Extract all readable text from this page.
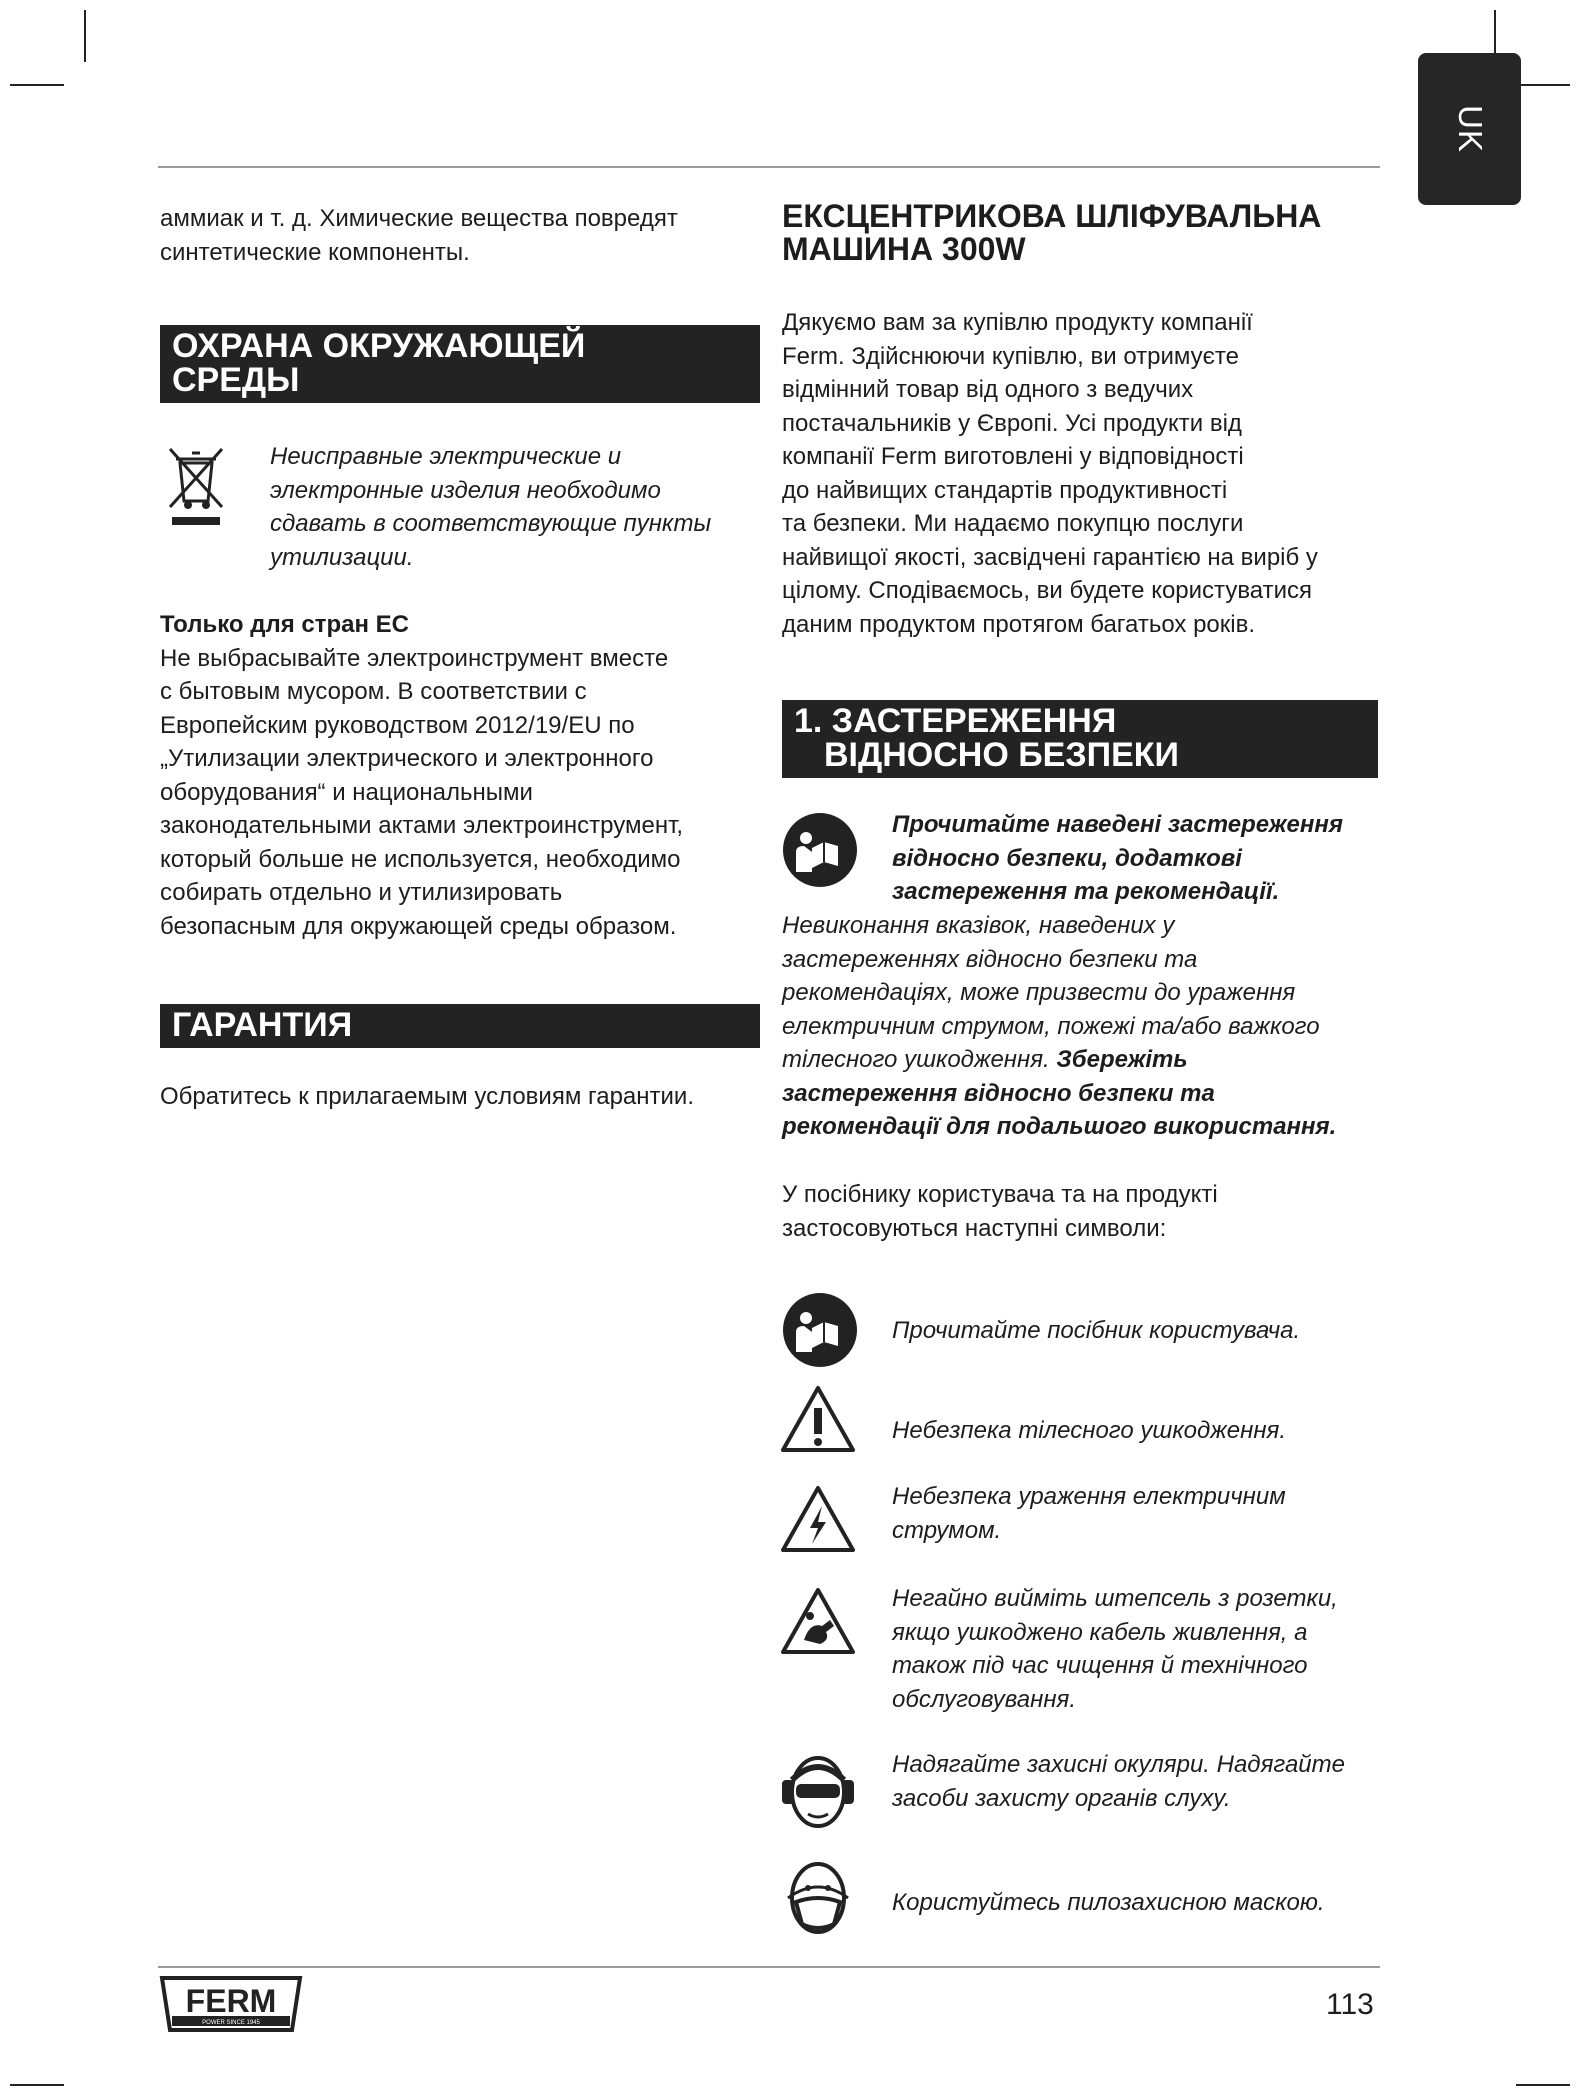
UK

аммиак и т. д. Химические вещества повредят

синтетические компоненты.

ОХРАНА ОКРУЖАЮЩЕЙ
СРЕДЫ

Неисправные электрические и

электронные изделия необходимо

сдавать в соответствующие пункты

утилизации.

Только для стран ЕС

Не выбрасывайте электроинструмент вместе

с бытовым мусором. В соответствии с

Европейским руководством 2012/19/EU по

„Утилизации электрического и электронного

оборудования“ и национальными

законодательными актами электроинструмент,

который больше не используется, необходимо

собирать отдельно и утилизировать

безопасным для окружающей среды образом.

ГАРАНТИЯ

Обратитесь к прилагаемым условиям гарантии.

ЕКСЦЕНТРИКОВА ШЛІФУВАЛЬНА

МАШИНА 300W

Дякуємо вам за купівлю продукту компанії

Ferm. Здійснюючи купівлю, ви отримуєте

відмінний товар від одного з ведучих

постачальників у Європі. Усі продукти від

компанії Ferm виготовлені у відповідності

до найвищих стандартів продуктивності

та безпеки. Ми надаємо покупцю послуги

найвищої якості, засвідчені гарантією на виріб у

цілому. Сподіваємось, ви будете користуватися

даним продуктом протягом багатьох років.

1. ЗАСТЕРЕЖЕННЯ
ВІДНОСНО БЕЗПЕКИ

Прочитайте наведені застереження

відносно безпеки, додаткові

застереження та рекомендації.

Невиконання вказівок, наведених у

застереженнях відносно безпеки та

рекомендаціях, може призвести до ураження

електричним струмом, пожежі та/або важкого

тілесного ушкодження. Збережіть

застереження відносно безпеки та

рекомендації для подальшого використання.

У посібнику користувача та на продукті

застосовуються наступні символи:

Прочитайте посібник користувача.
Небезпека тілесного ушкодження.

Небезпека ураження електричним

струмом.

Негайно вийміть штепсель з розетки,

якщо ушкоджено кабель живлення, а

також під час чищення й технічного

обслуговування.

Надягайте захисні окуляри. Надягайте

засоби захисту органів слуху.

Користуйтесь пилозахисною маскою.
FERM
POWER SINCE 1945
113
